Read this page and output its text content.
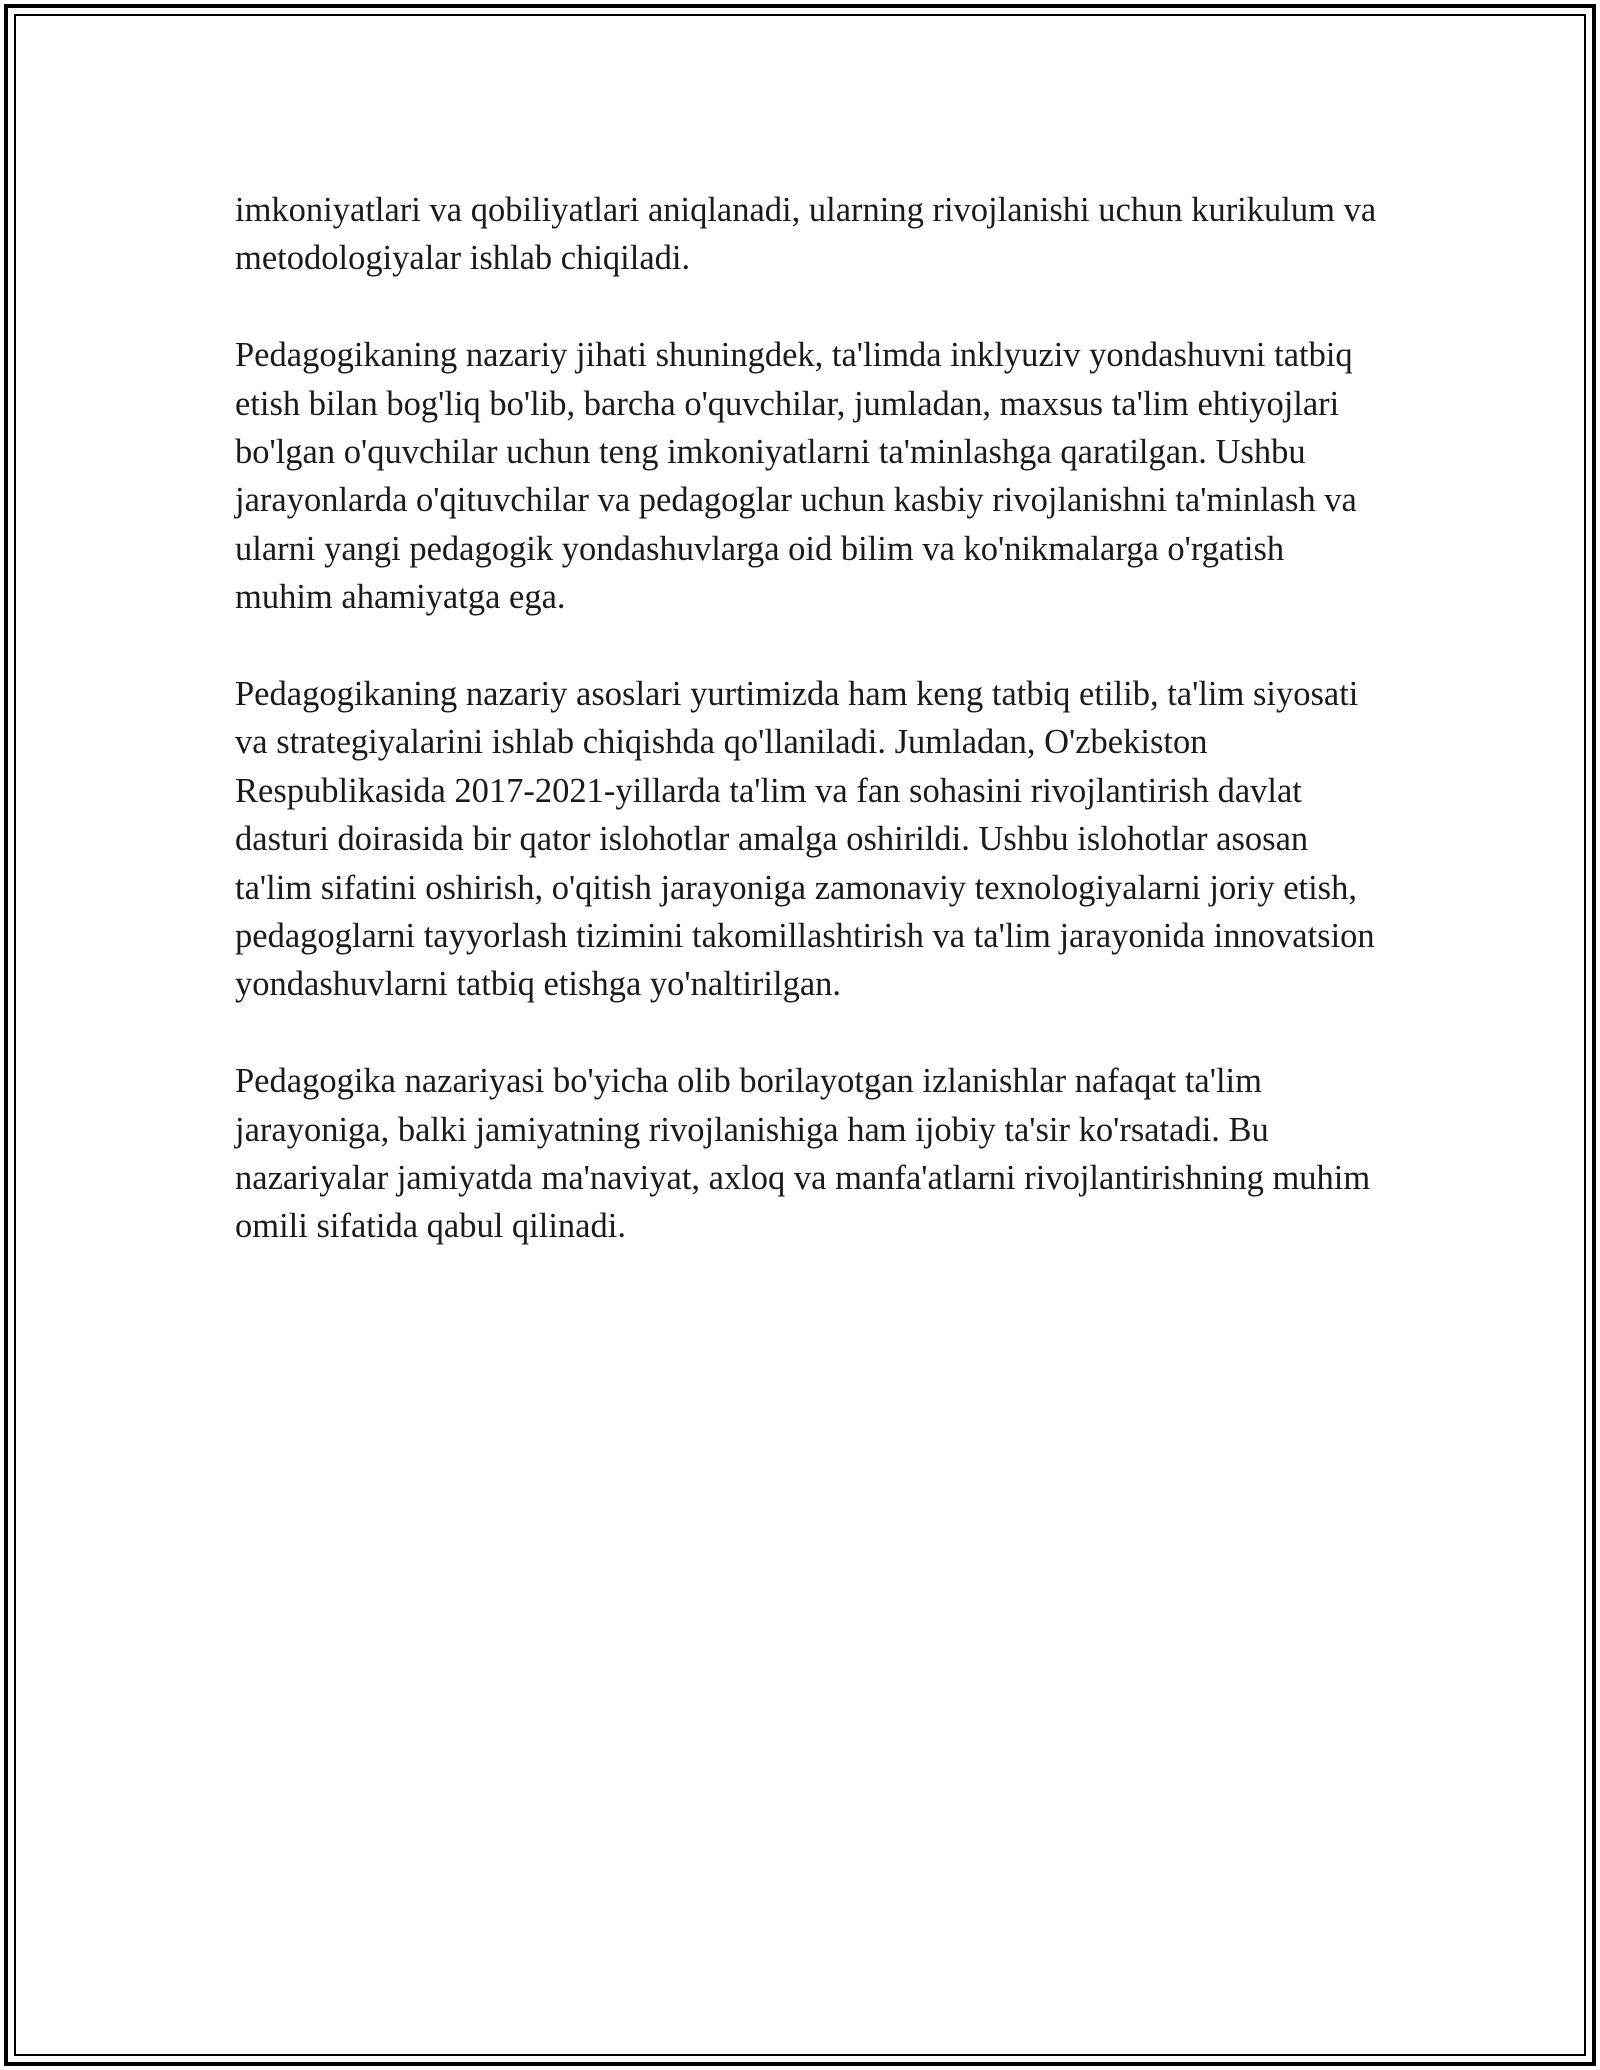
imkoniyatlari va qobiliyatlari aniqlanadi, ularning rivojlanishi uchun kurikulum va metodologiyalar ishlab chiqiladi.

Pedagogikaning nazariy jihati shuningdek, ta'limda inklyuziv yondashuvni tatbiq etish bilan bog'liq bo'lib, barcha o'quvchilar, jumladan, maxsus ta'lim ehtiyojlari bo'lgan o'quvchilar uchun teng imkoniyatlarni ta'minlashga qaratilgan. Ushbu jarayonlarda o'qituvchilar va pedagoglar uchun kasbiy rivojlanishni ta'minlash va ularni yangi pedagogik yondashuvlarga oid bilim va ko'nikmalarga o'rgatish muhim ahamiyatga ega.

Pedagogikaning nazariy asoslari yurtimizda ham keng tatbiq etilib, ta'lim siyosati va strategiyalarini ishlab chiqishda qo'llaniladi. Jumladan, O'zbekiston Respublikasida 2017-2021-yillarda ta'lim va fan sohasini rivojlantirish davlat dasturi doirasida bir qator islohotlar amalga oshirildi. Ushbu islohotlar asosan ta'lim sifatini oshirish, o'qitish jarayoniga zamonaviy texnologiyalarni joriy etish, pedagoglarni tayyorlash tizimini takomillashtirish va ta'lim jarayonida innovatsion yondashuvlarni tatbiq etishga yo'naltirilgan.

Pedagogika nazariyasi bo'yicha olib borilayotgan izlanishlar nafaqat ta'lim jarayoniga, balki jamiyatning rivojlanishiga ham ijobiy ta'sir ko'rsatadi. Bu nazariyalar jamiyatda ma'naviyat, axloq va manfa'atlarni rivojlantirishning muhim omili sifatida qabul qilinadi.
